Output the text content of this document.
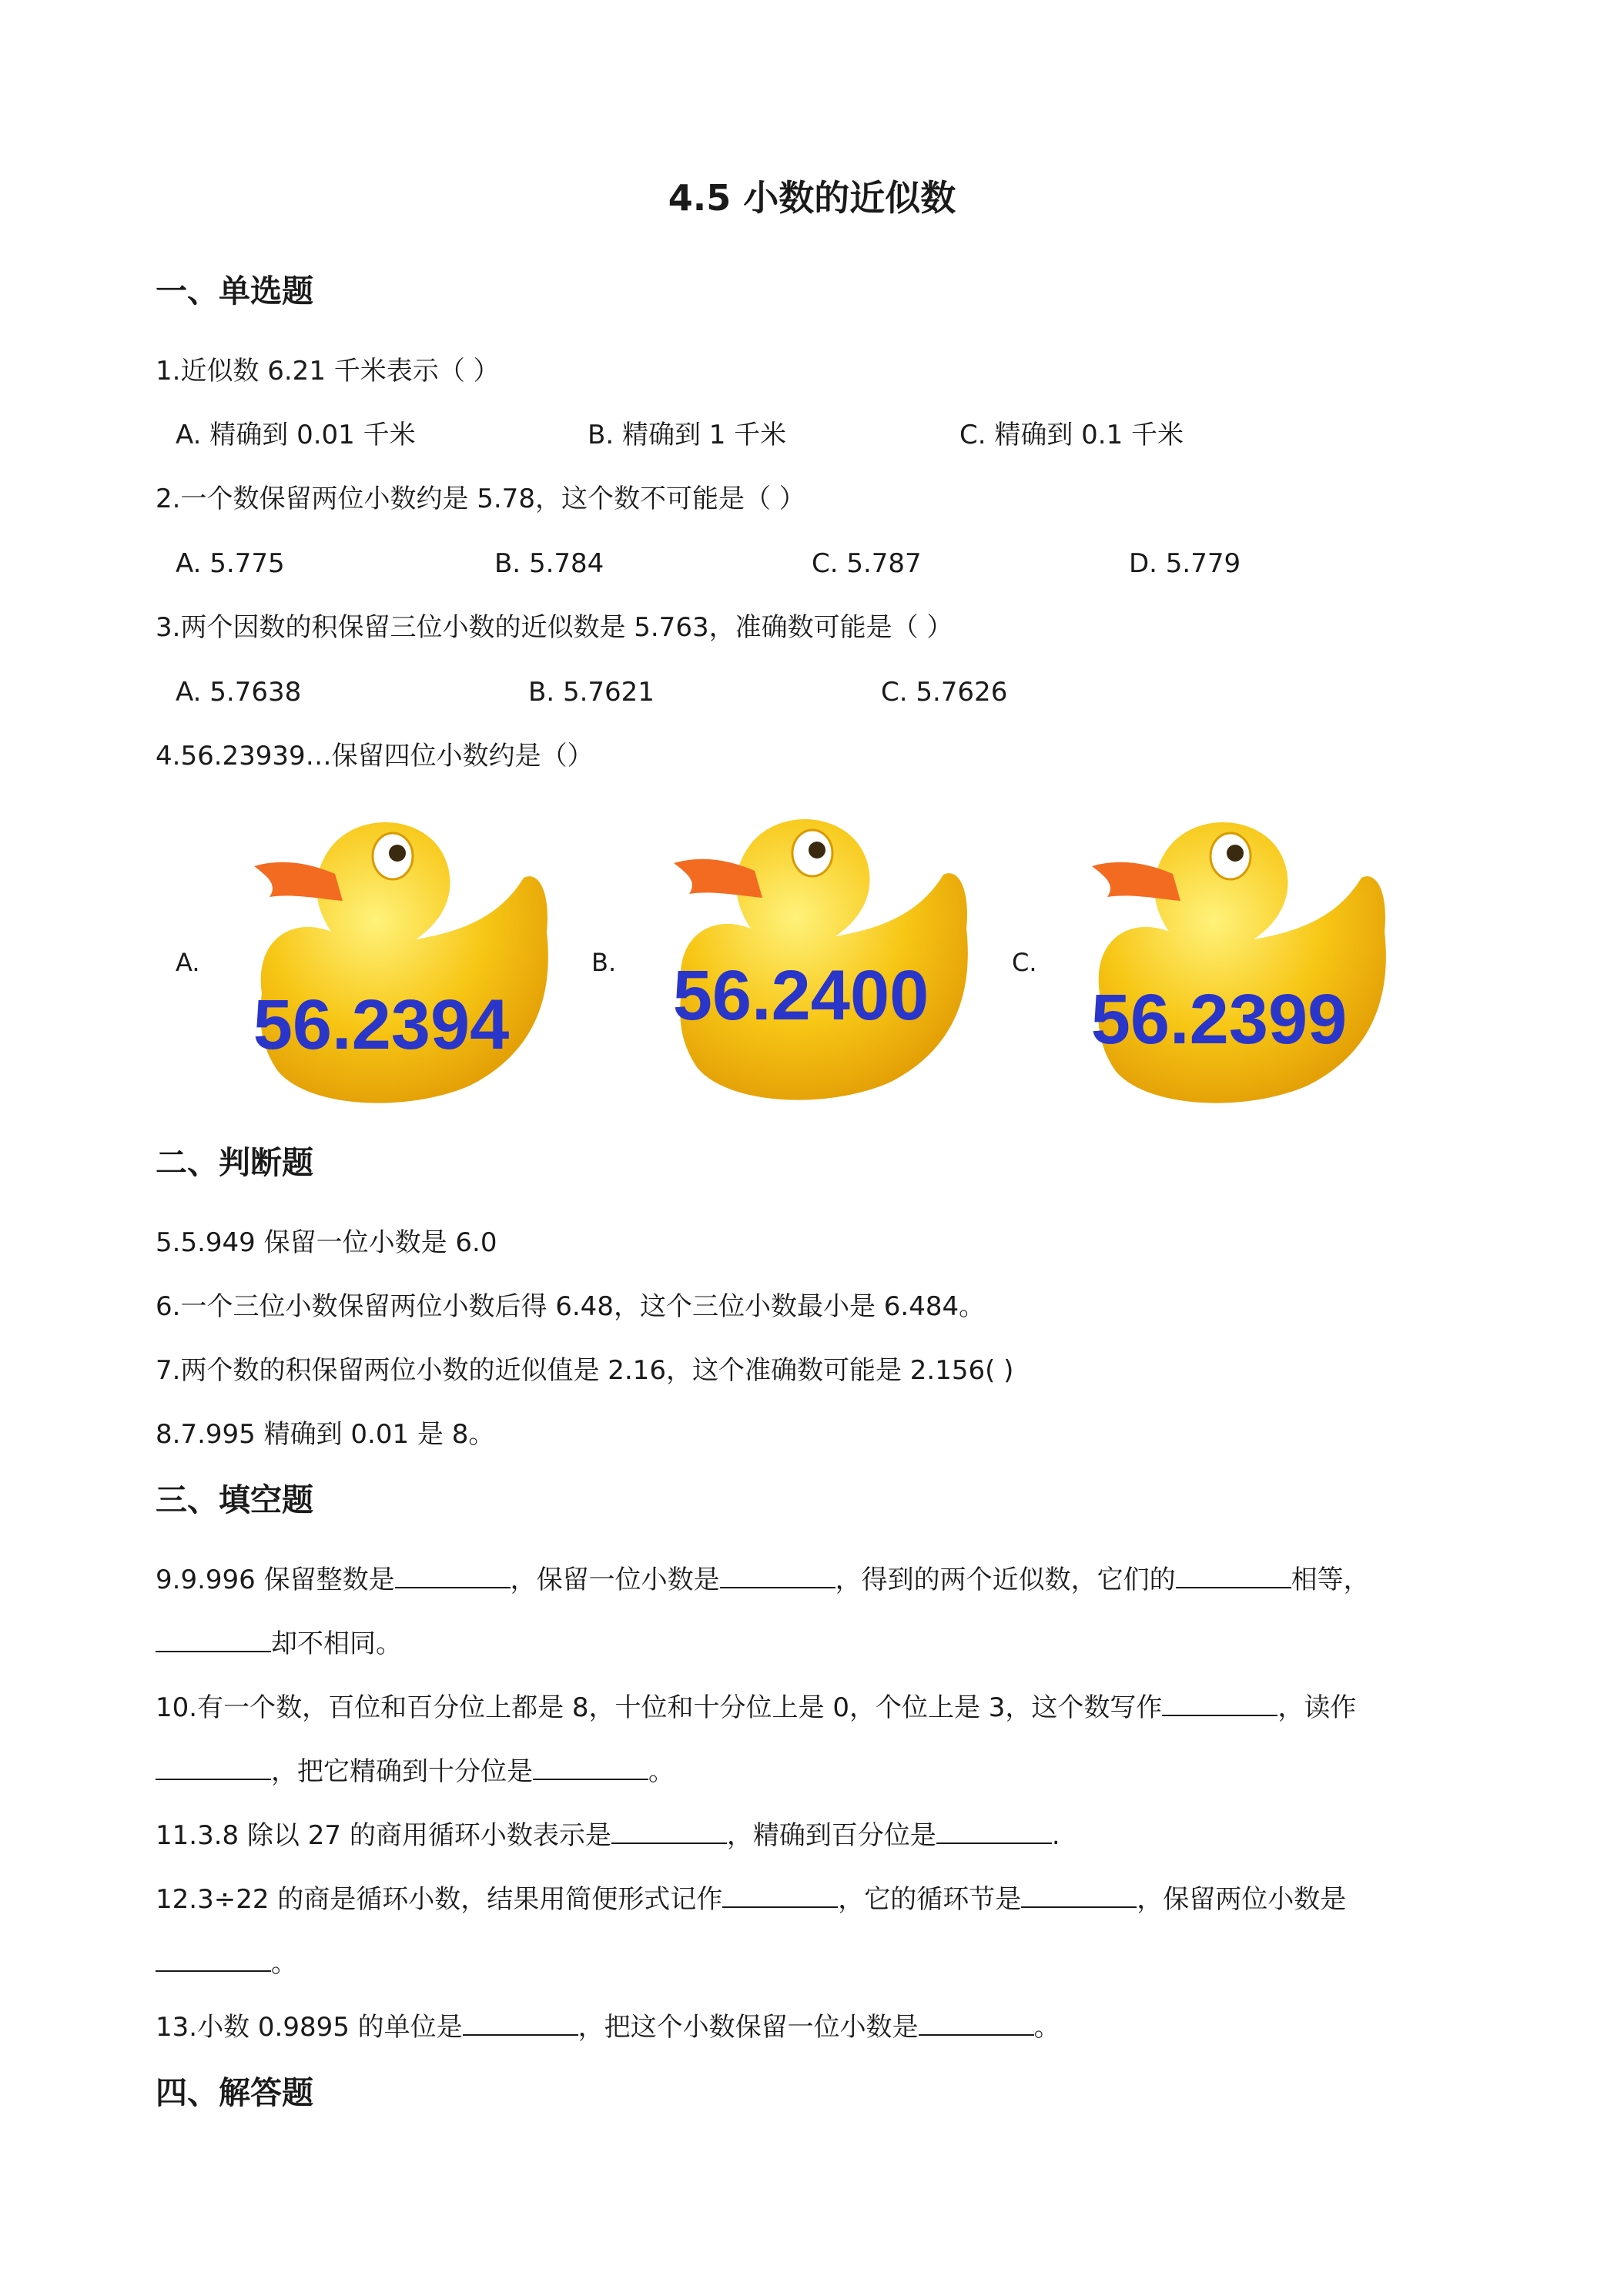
4.5 小数的近似数
一、单选题
1.近似数 6.21 千米表示（ ）
A. 精确到 0.01 千米	B. 精确到 1 千米	C. 精确到 0.1 千米
2.一个数保留两位小数约是 5.78，这个数不可能是（ ）
A. 5.775	B. 5.784	C. 5.787	D. 5.779
3.两个因数的积保留三位小数的近似数是 5.763，准确数可能是（ ）
A. 5.7638	B. 5.7621	C. 5.7626
4.56.23939…保留四位小数约是（）
A.
56.2394
B. 56.2400	C.
56.2399
二、判断题
5.5.949 保留一位小数是 6.0
6.一个三位小数保留两位小数后得 6.48，这个三位小数最小是 6.484。
7.两个数的积保留两位小数的近似值是 2.16，这个准确数可能是 2.156( )
8.7.995 精确到 0.01 是 8。
三、填空题
9.9.996 保留整数是	，保留一位小数是	，得到的两个近似数，它们的	相等，
却不相同。
10.有一个数，百位和百分位上都是 8，十位和十分位上是 0，个位上是 3，这个数写作	，读作
，把它精确到十分位是	。
11.3.8 除以 27 的商用循环小数表示是	，精确到百分位是	.
12.3÷22 的商是循环小数，结果用简便形式记作	，它的循环节是	，保留两位小数是
。
13.小数 0.9895 的单位是	，把这个小数保留一位小数是	。
四、解答题
